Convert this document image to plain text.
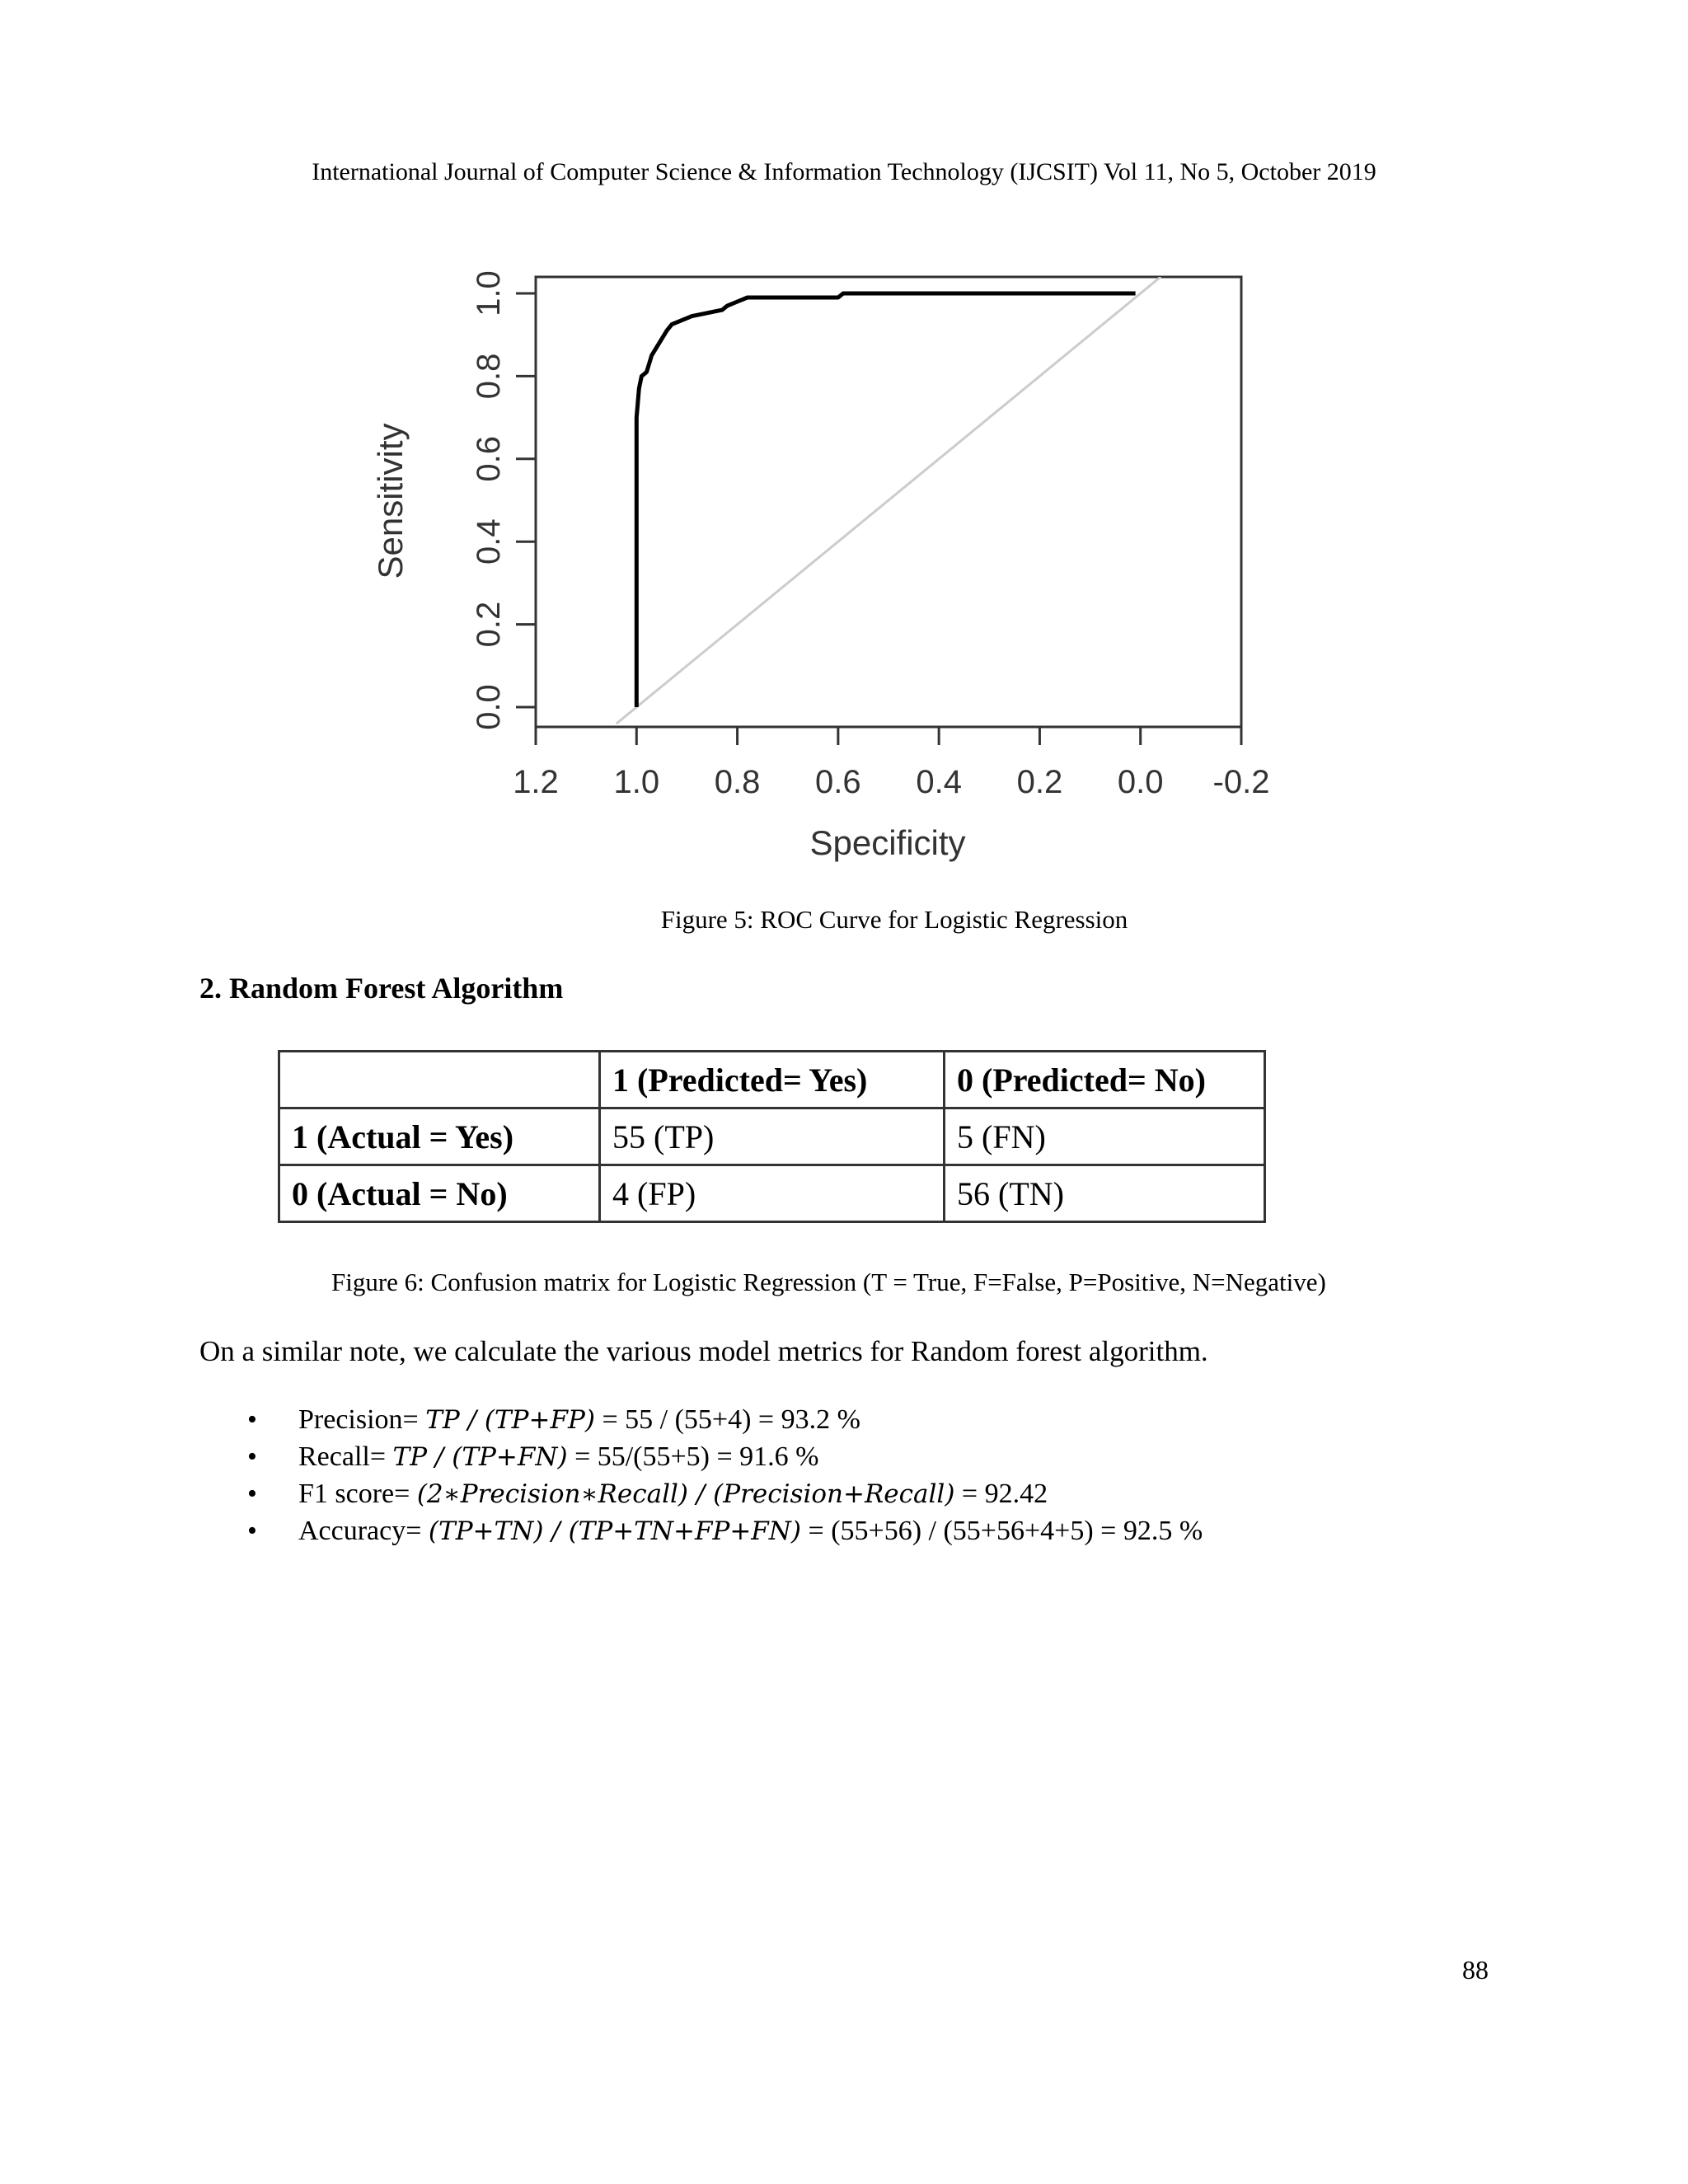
International Journal of Computer Science & Information Technology (IJCSIT) Vol 11, No 5, October 2019
0.0
0.2
0.4
0.6
0.8
1.0
1.2 1.0 0.8 0.6 0.4 0.2 0.0 -0.2
Sensitivity
Specificity
Figure 5: ROC Curve for Logistic Regression
2. Random Forest Algorithm
	1 (Predicted= Yes)	0 (Predicted= No)
1 (Actual = Yes)	55 (TP)	5 (FN)
0 (Actual = No)	4 (FP)	56 (TN)
Figure 6: Confusion matrix for Logistic Regression (T = True, F=False, P=Positive, N=Negative)
On a similar note, we calculate the various model metrics for Random forest algorithm.
• Precision= TP / (TP+FP) = 55 / (55+4) = 93.2 %
• Recall= TP / (TP+FN) = 55/(55+5) = 91.6 %
• F1 score= (2∗Precision∗Recall) / (Precision+Recall) = 92.42
• Accuracy= (TP+TN) / (TP+TN+FP+FN) = (55+56) / (55+56+4+5) = 92.5 %
88
